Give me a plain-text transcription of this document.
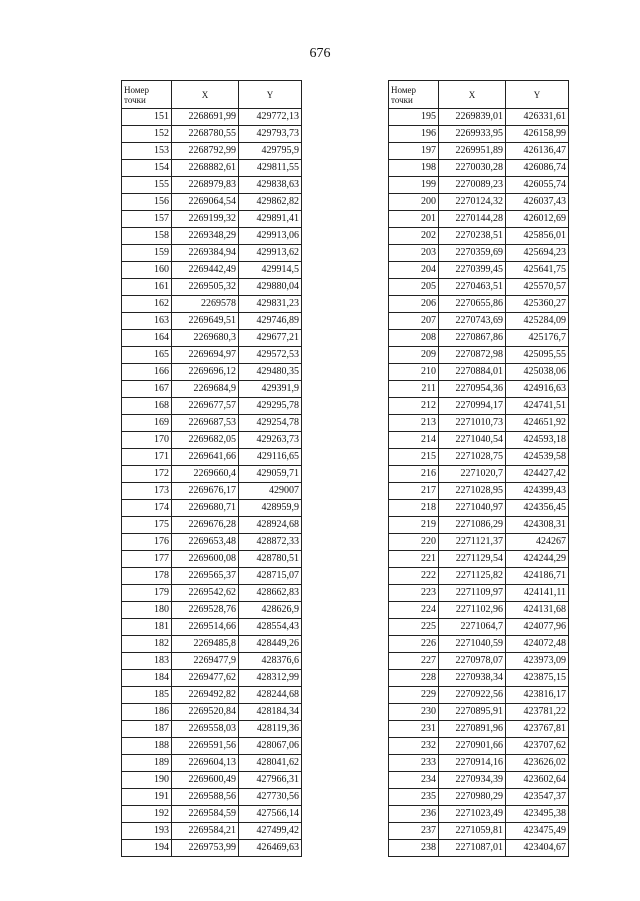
676
Номер точки	X	Y
151	2268691,99	429772,13
152	2268780,55	429793,73
153	2268792,99	429795,9
154	2268882,61	429811,55
155	2268979,83	429838,63
156	2269064,54	429862,82
157	2269199,32	429891,41
158	2269348,29	429913,06
159	2269384,94	429913,62
160	2269442,49	429914,5
161	2269505,32	429880,04
162	2269578	429831,23
163	2269649,51	429746,89
164	2269680,3	429677,21
165	2269694,97	429572,53
166	2269696,12	429480,35
167	2269684,9	429391,9
168	2269677,57	429295,78
169	2269687,53	429254,78
170	2269682,05	429263,73
171	2269641,66	429116,65
172	2269660,4	429059,71
173	2269676,17	429007
174	2269680,71	428959,9
175	2269676,28	428924,68
176	2269653,48	428872,33
177	2269600,08	428780,51
178	2269565,37	428715,07
179	2269542,62	428662,83
180	2269528,76	428626,9
181	2269514,66	428554,43
182	2269485,8	428449,26
183	2269477,9	428376,6
184	2269477,62	428312,99
185	2269492,82	428244,68
186	2269520,84	428184,34
187	2269558,03	428119,36
188	2269591,56	428067,06
189	2269604,13	428041,62
190	2269600,49	427966,31
191	2269588,56	427730,56
192	2269584,59	427566,14
193	2269584,21	427499,42
194	2269753,99	426469,63
Номер точки	X	Y
195	2269839,01	426331,61
196	2269933,95	426158,99
197	2269951,89	426136,47
198	2270030,28	426086,74
199	2270089,23	426055,74
200	2270124,32	426037,43
201	2270144,28	426012,69
202	2270238,51	425856,01
203	2270359,69	425694,23
204	2270399,45	425641,75
205	2270463,51	425570,57
206	2270655,86	425360,27
207	2270743,69	425284,09
208	2270867,86	425176,7
209	2270872,98	425095,55
210	2270884,01	425038,06
211	2270954,36	424916,63
212	2270994,17	424741,51
213	2271010,73	424651,92
214	2271040,54	424593,18
215	2271028,75	424539,58
216	2271020,7	424427,42
217	2271028,95	424399,43
218	2271040,97	424356,45
219	2271086,29	424308,31
220	2271121,37	424267
221	2271129,54	424244,29
222	2271125,82	424186,71
223	2271109,97	424141,11
224	2271102,96	424131,68
225	2271064,7	424077,96
226	2271040,59	424072,48
227	2270978,07	423973,09
228	2270938,34	423875,15
229	2270922,56	423816,17
230	2270895,91	423781,22
231	2270891,96	423767,81
232	2270901,66	423707,62
233	2270914,16	423626,02
234	2270934,39	423602,64
235	2270980,29	423547,37
236	2271023,49	423495,38
237	2271059,81	423475,49
238	2271087,01	423404,67
